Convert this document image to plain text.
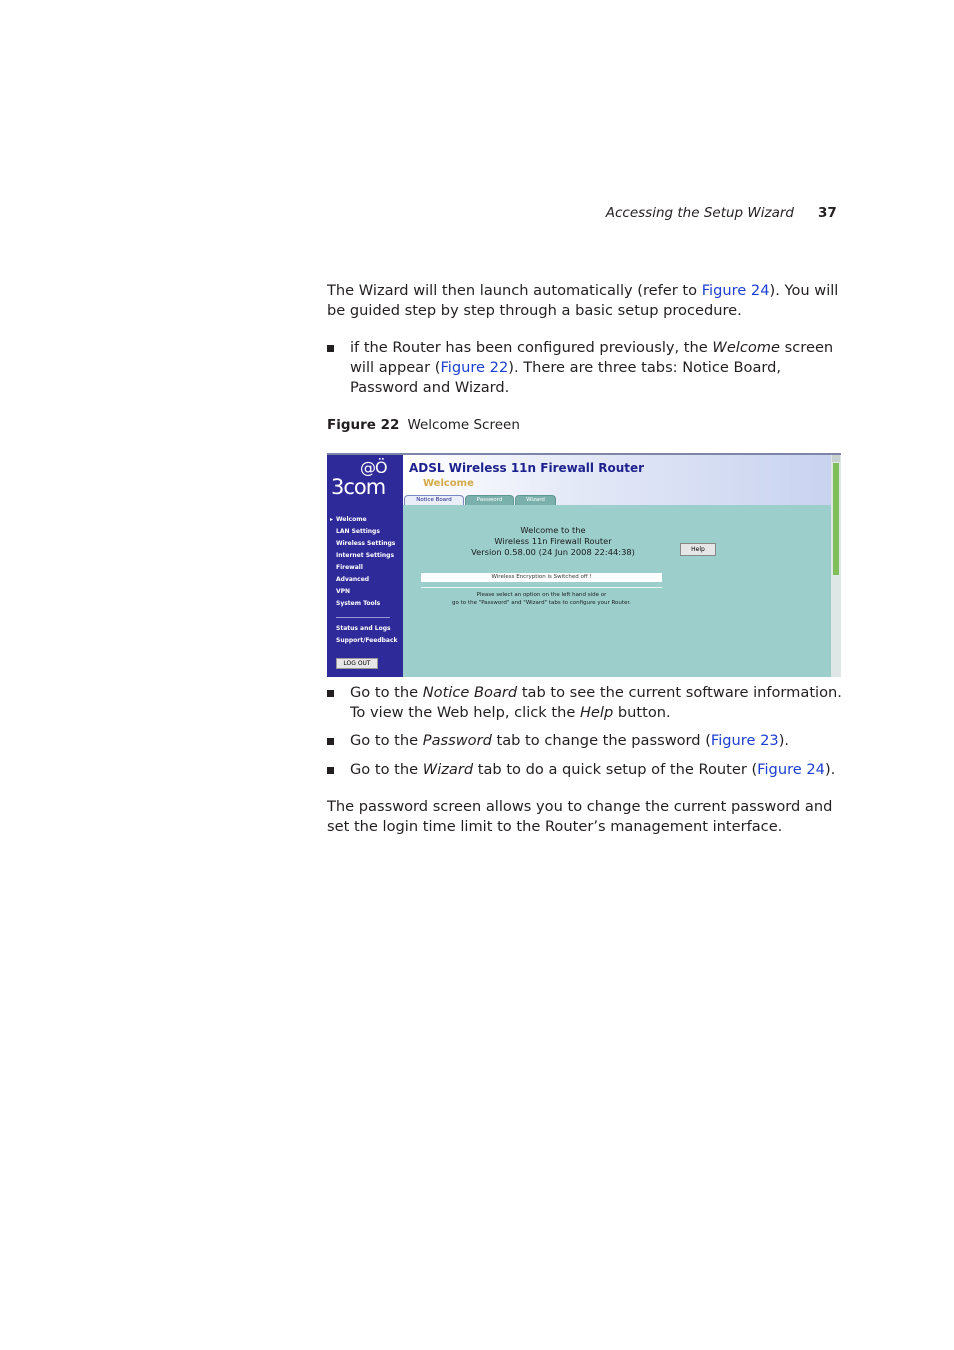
Accessing the Setup Wizard 37
The Wizard will then launch automatically (refer to Figure 24). You will be guided step by step through a basic setup procedure.
if the Router has been configured previously, the Welcome screen will appear (Figure 22). There are three tabs: Notice Board, Password and Wizard.
Figure 22 Welcome Screen
@Ö
3com
▸ Welcome
LAN Settings
Wireless Settings
Internet Settings
Firewall
Advanced
VPN
System Tools
Status and Logs
Support/Feedback
LOG OUT
ADSL Wireless 11n Firewall Router
Welcome
Notice Board	Password	Wizard
Welcome to the
Wireless 11n Firewall Router
Version 0.58.00 (24 Jun 2008 22:44:38)	Help
Wireless Encryption is Switched off !
Please select an option on the left hand side or
go to the "Password" and "Wizard" tabs to configure your Router.
Go to the Notice Board tab to see the current software information. To view the Web help, click the Help button.
Go to the Password tab to change the password (Figure 23).
Go to the Wizard tab to do a quick setup of the Router (Figure 24).
The password screen allows you to change the current password and set the login time limit to the Router’s management interface.
